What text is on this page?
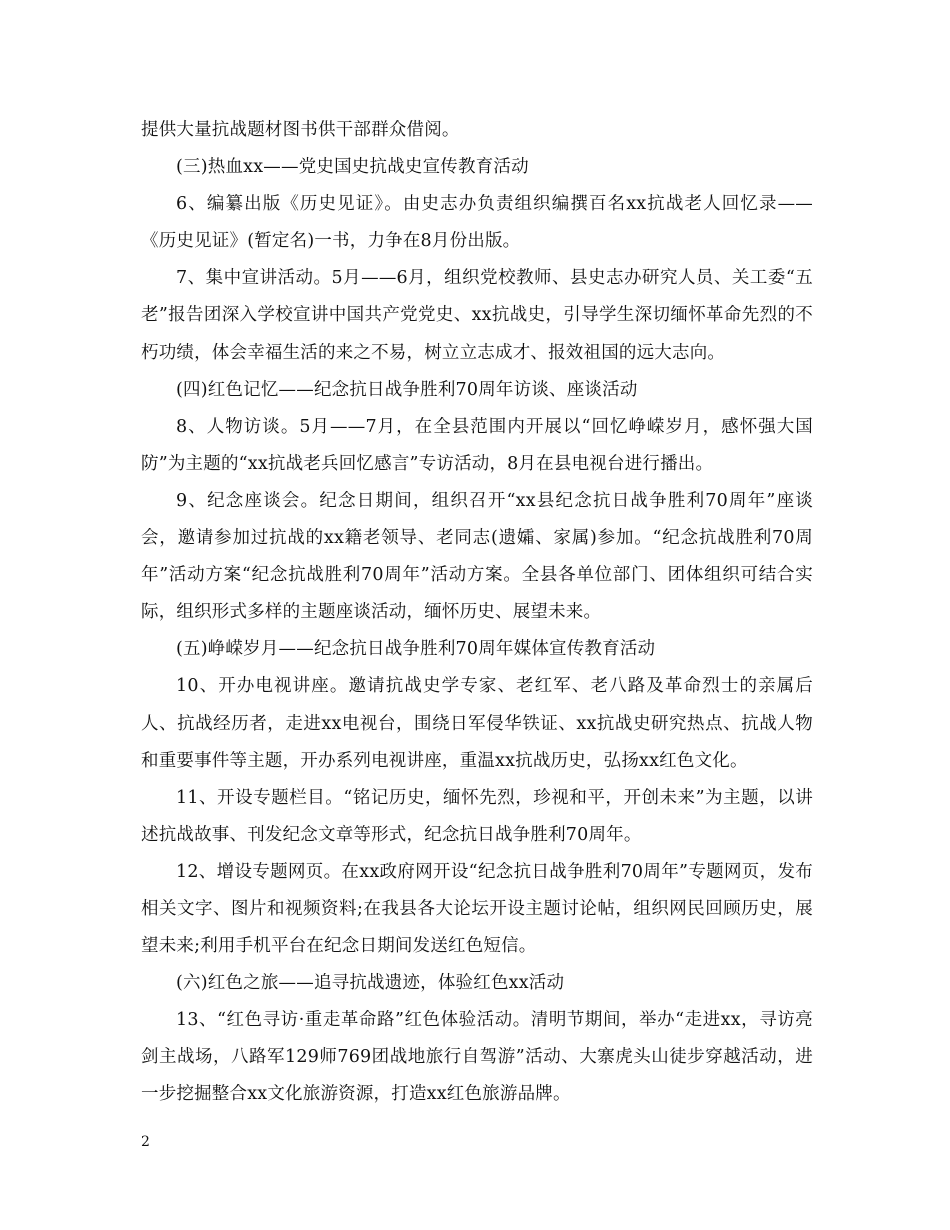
提供大量抗战题材图书供干部群众借阅。

(三)热血xx——党史国史抗战史宣传教育活动

6、编纂出版《历史见证》。由史志办负责组织编撰百名xx抗战老人回忆录——《历史见证》(暂定名)一书，力争在8月份出版。

7、集中宣讲活动。5月——6月，组织党校教师、县史志办研究人员、关工委“五老”报告团深入学校宣讲中国共产党党史、xx抗战史，引导学生深切缅怀革命先烈的不朽功绩，体会幸福生活的来之不易，树立立志成才、报效祖国的远大志向。

(四)红色记忆——纪念抗日战争胜利70周年访谈、座谈活动

8、人物访谈。5月——7月，在全县范围内开展以“回忆峥嵘岁月，感怀强大国防”为主题的“xx抗战老兵回忆感言”专访活动，8月在县电视台进行播出。

9、纪念座谈会。纪念日期间，组织召开“xx县纪念抗日战争胜利70周年”座谈会，邀请参加过抗战的xx籍老领导、老同志(遗孀、家属)参加。“纪念抗战胜利70周年”活动方案“纪念抗战胜利70周年”活动方案。全县各单位部门、团体组织可结合实际，组织形式多样的主题座谈活动，缅怀历史、展望未来。

(五)峥嵘岁月——纪念抗日战争胜利70周年媒体宣传教育活动

10、开办电视讲座。邀请抗战史学专家、老红军、老八路及革命烈士的亲属后人、抗战经历者，走进xx电视台，围绕日军侵华铁证、xx抗战史研究热点、抗战人物和重要事件等主题，开办系列电视讲座，重温xx抗战历史，弘扬xx红色文化。

11、开设专题栏目。“铭记历史，缅怀先烈，珍视和平，开创未来”为主题，以讲述抗战故事、刊发纪念文章等形式，纪念抗日战争胜利70周年。

12、增设专题网页。在xx政府网开设“纪念抗日战争胜利70周年”专题网页，发布相关文字、图片和视频资料;在我县各大论坛开设主题讨论帖，组织网民回顾历史，展望未来;利用手机平台在纪念日期间发送红色短信。

(六)红色之旅——追寻抗战遗迹，体验红色xx活动

13、“红色寻访·重走革命路”红色体验活动。清明节期间，举办“走进xx，寻访亮剑主战场，八路军129师769团战地旅行自驾游”活动、大寨虎头山徒步穿越活动，进一步挖掘整合xx文化旅游资源，打造xx红色旅游品牌。

2
